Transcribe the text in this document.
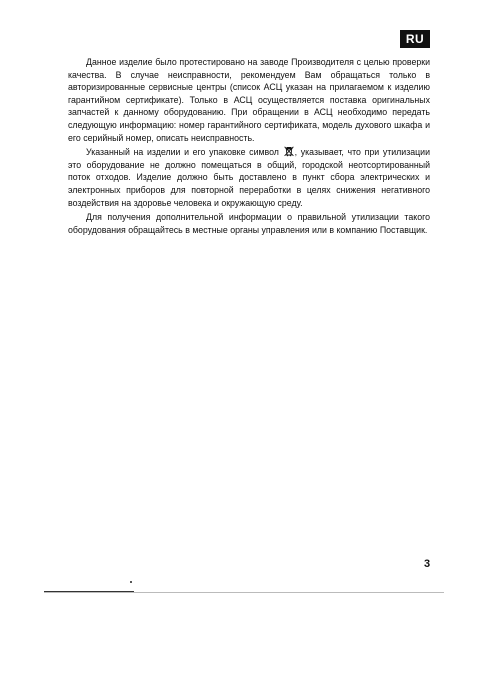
RU

Данное изделие было протестировано на заводе Производителя с целью проверки качества. В случае неисправности, рекомендуем Вам обращаться только в авторизированные сервисные центры (список АСЦ указан на прилагаемом к изделию гарантийном сертификате). Только в АСЦ осуществляется поставка оригинальных запчастей к данному оборудованию. При обращении в АСЦ необходимо передать следующую информацию: номер гарантийного сертификата, модель духового шкафа и его серийный номер, описать неисправность.

Указанный на изделии и его упаковке символ , указывает, что при утилизации это оборудование не должно помещаться в общий, городской неотсортированный поток отходов. Изделие должно быть доставлено в пункт сбора электрических и электронных приборов для повторной переработки в целях снижения негативного воздействия на здоровье человека и окружающую среду.

Для получения дополнительной информации о правильной утилизации такого оборудования обращайтесь в местные органы управления или в компанию Поставщик.

3
